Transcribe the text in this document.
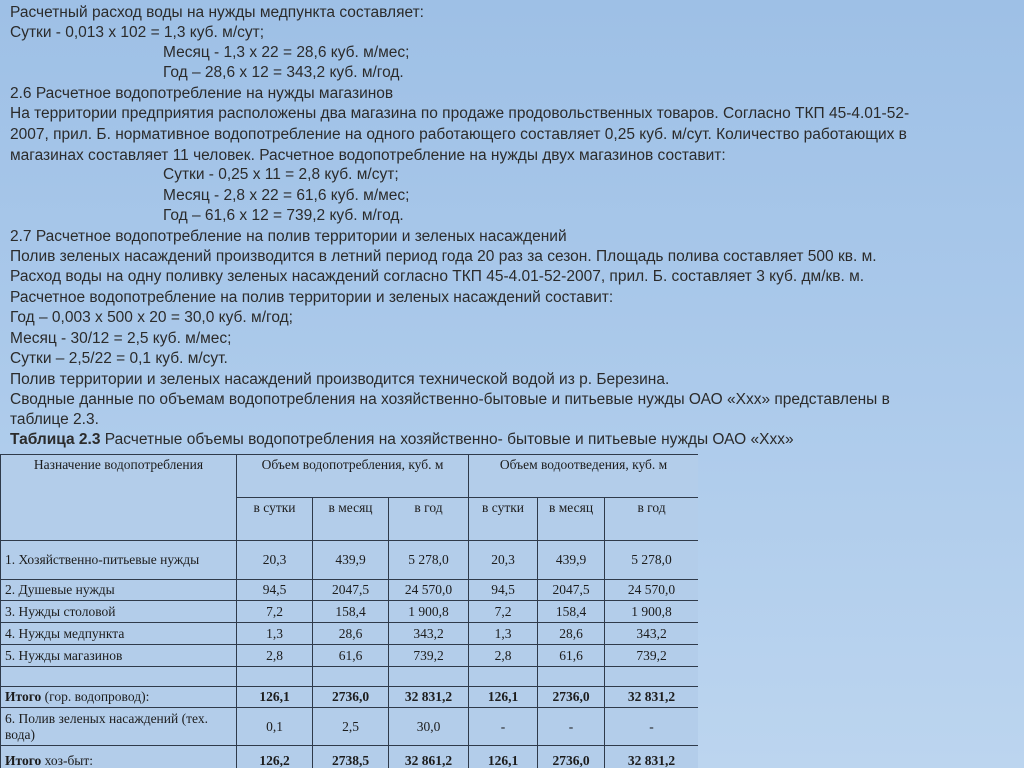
Расчетный расход воды на нужды медпункта составляет:
Сутки - 0,013 х 102 = 1,3 куб. м/сут;
Месяц - 1,3 х 22 = 28,6 куб. м/мес;
Год – 28,6 х 12 = 343,2 куб. м/год.
2.6 Расчетное водопотребление на нужды магазинов
На территории предприятия расположены два магазина по продаже продовольственных товаров. Согласно ТКП 45-4.01-52-
2007, прил. Б. нормативное водопотребление на одного работающего составляет 0,25 куб. м/сут. Количество работающих в
магазинах составляет 11 человек. Расчетное водопотребление на нужды двух магазинов составит:
Сутки - 0,25 х 11 = 2,8 куб. м/сут;
Месяц - 2,8 х 22 = 61,6 куб. м/мес;
Год – 61,6 х 12 = 739,2 куб. м/год.
2.7 Расчетное водопотребление на полив территории и зеленых насаждений
Полив зеленых насаждений производится в летний период года 20 раз за сезон. Площадь полива составляет 500 кв. м.
Расход воды на одну поливку зеленых насаждений согласно ТКП 45-4.01-52-2007, прил. Б. составляет 3 куб. дм/кв. м.
Расчетное водопотребление на полив территории и зеленых насаждений составит:
Год – 0,003 х 500 х 20 = 30,0 куб. м/год;
Месяц - 30/12 = 2,5 куб. м/мес;
Сутки – 2,5/22 = 0,1 куб. м/сут.
Полив территории и зеленых насаждений производится технической водой из р. Березина.
Сводные данные по объемам водопотребления на хозяйственно-бытовые и питьевые нужды ОАО «Ххх» представлены в
таблице 2.3.
Таблица 2.3 Расчетные объемы водопотребления на хозяйственно- бытовые и питьевые нужды ОАО «Ххх»
Назначение водопотребления	Объем водопотребления, куб. м			Объем водоотведения, куб. м		
	в сутки	в месяц	в год	в сутки	в месяц	в год
1. Хозяйственно-питьевые нужды	20,3	439,9	5 278,0	20,3	439,9	5 278,0
2. Душевые нужды	94,5	2047,5	24 570,0	94,5	2047,5	24 570,0
3. Нужды столовой	7,2	158,4	1 900,8	7,2	158,4	1 900,8
4. Нужды медпункта	1,3	28,6	343,2	1,3	28,6	343,2
5. Нужды магазинов	2,8	61,6	739,2	2,8	61,6	739,2

Итого (гор. водопровод):	126,1	2736,0	32 831,2	126,1	2736,0	32 831,2
6. Полив зеленых насаждений (тех. вода)	0,1	2,5	30,0	-	-	-
Итого хоз-быт:	126,2	2738,5	32 861,2	126,1	2736,0	32 831,2
